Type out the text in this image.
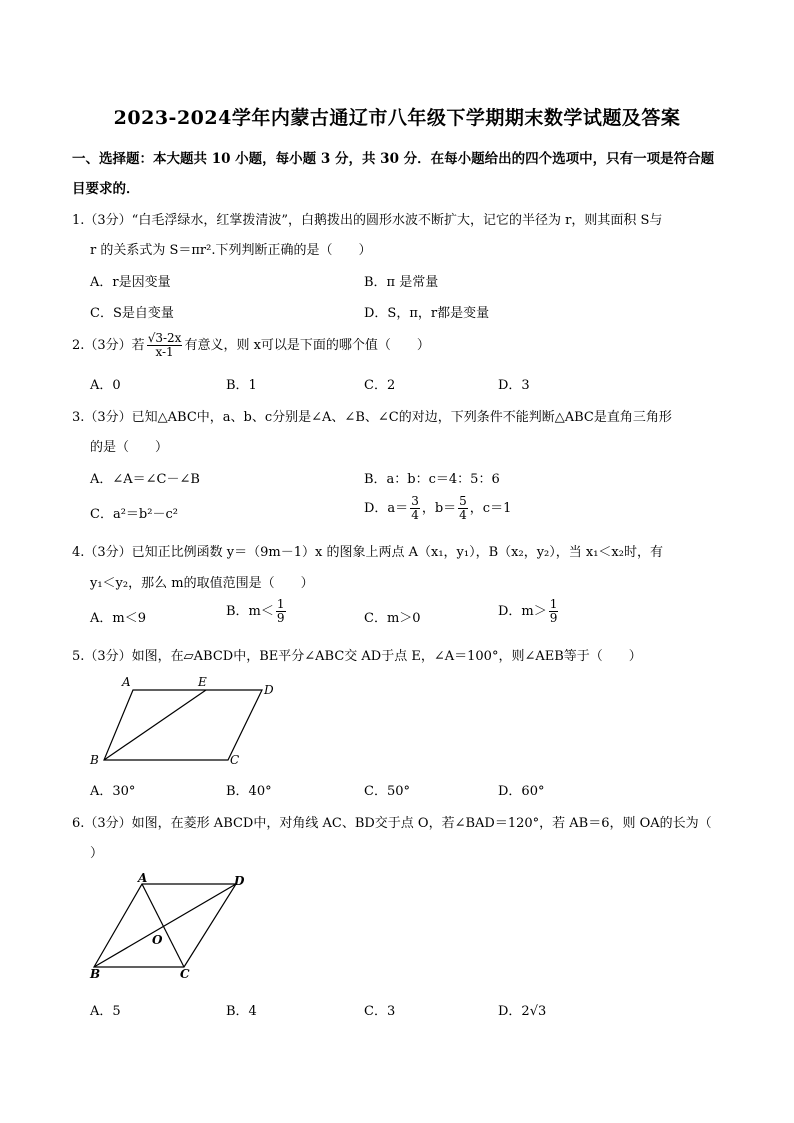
2023-2024学年内蒙古通辽市八年级下学期期末数学试题及答案
一、选择题：本大题共 10 小题，每小题 3 分，共 30 分．在每小题给出的四个选项中，只有一项是符合题
目要求的．
1.（3分）“白毛浮绿水，红掌拨清波”，白鹅拨出的圆形水波不断扩大，记它的半径为 r，则其面积 S与
r 的关系式为 S＝πr².下列判断正确的是（　　）
A．r是因变量	B．π 是常量
C．S是自变量	D．S，π，r都是变量
2.（3分）若 $\frac{√3-2x}{x-1}$ 有意义，则 x可以是下面的哪个值（　　）
A．0	B．1	C．2	D．3
3.（3分）已知△ABC中，a、b、c分别是∠A、∠B、∠C的对边，下列条件不能判断△ABC是直角三角形
的是（　　）
A．∠A＝∠C－∠B	B．a：b：c＝4：5：6
C．a²＝b²－c²	D．$a= \frac{3}{4}$ ，$b= \frac{5}{4}$ ，c＝1
4.（3分）已知正比例函数 y＝（9m－1）x 的图象上两点 A（x₁，y₁），B（x₂，y₂），当 x₁＜x₂时，有
y₁＜y₂，那么 m的取值范围是（　　）
A．m＜9	B．$m< \frac{1}{9}$	C．m＞0	D．$m> \frac{1}{9}$
5.（3分）如图，在▱ABCD中，BE平分∠ABC交 AD于点 E，∠A＝100°，则∠AEB等于（　　）
A	E
D
B	C
A．30°	B．40°	C．50°	D．60°
6.（3分）如图，在菱形 ABCD中，对角线 AC、BD交于点 O，若∠BAD＝120°，若 AB＝6，则 OA的长为（
）
A	D
O
B	C
A．5	B．4	C．3	D．2√3
